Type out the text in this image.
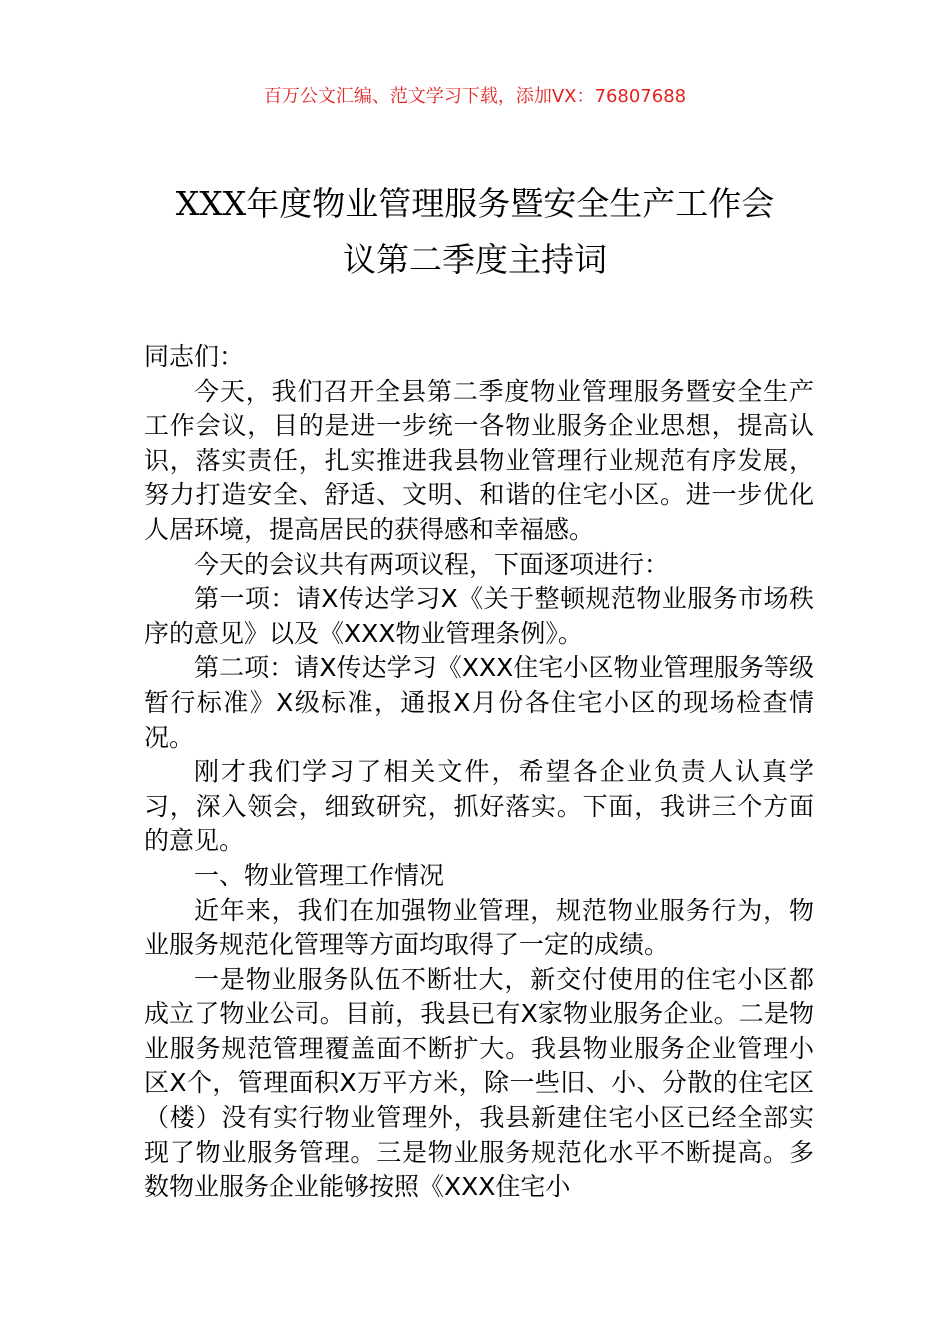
百万公文汇编、范文学习下载，添加VX：76807688
XXX年度物业管理服务暨安全生产工作会
议第二季度主持词

同志们：

今天，我们召开全县第二季度物业管理服务暨安全生产工作会议，目的是进一步统一各物业服务企业思想，提高认识，落实责任，扎实推进我县物业管理行业规范有序发展，努力打造安全、舒适、文明、和谐的住宅小区。进一步优化人居环境，提高居民的获得感和幸福感。

今天的会议共有两项议程，下面逐项进行：

第一项：请X传达学习X《关于整顿规范物业服务市场秩序的意见》以及《XXX物业管理条例》。

第二项：请X传达学习《XXX住宅小区物业管理服务等级暂行标准》X级标准，通报X月份各住宅小区的现场检查情况。

刚才我们学习了相关文件，希望各企业负责人认真学习，深入领会，细致研究，抓好落实。下面，我讲三个方面的意见。

一、物业管理工作情况

近年来，我们在加强物业管理，规范物业服务行为，物业服务规范化管理等方面均取得了一定的成绩。

一是物业服务队伍不断壮大，新交付使用的住宅小区都成立了物业公司。目前，我县已有X家物业服务企业。二是物业服务规范管理覆盖面不断扩大。我县物业服务企业管理小区X个，管理面积X万平方米，除一些旧、小、分散的住宅区（楼）没有实行物业管理外，我县新建住宅小区已经全部实现了物业服务管理。三是物业服务规范化水平不断提高。多数物业服务企业能够按照《XXX住宅小
